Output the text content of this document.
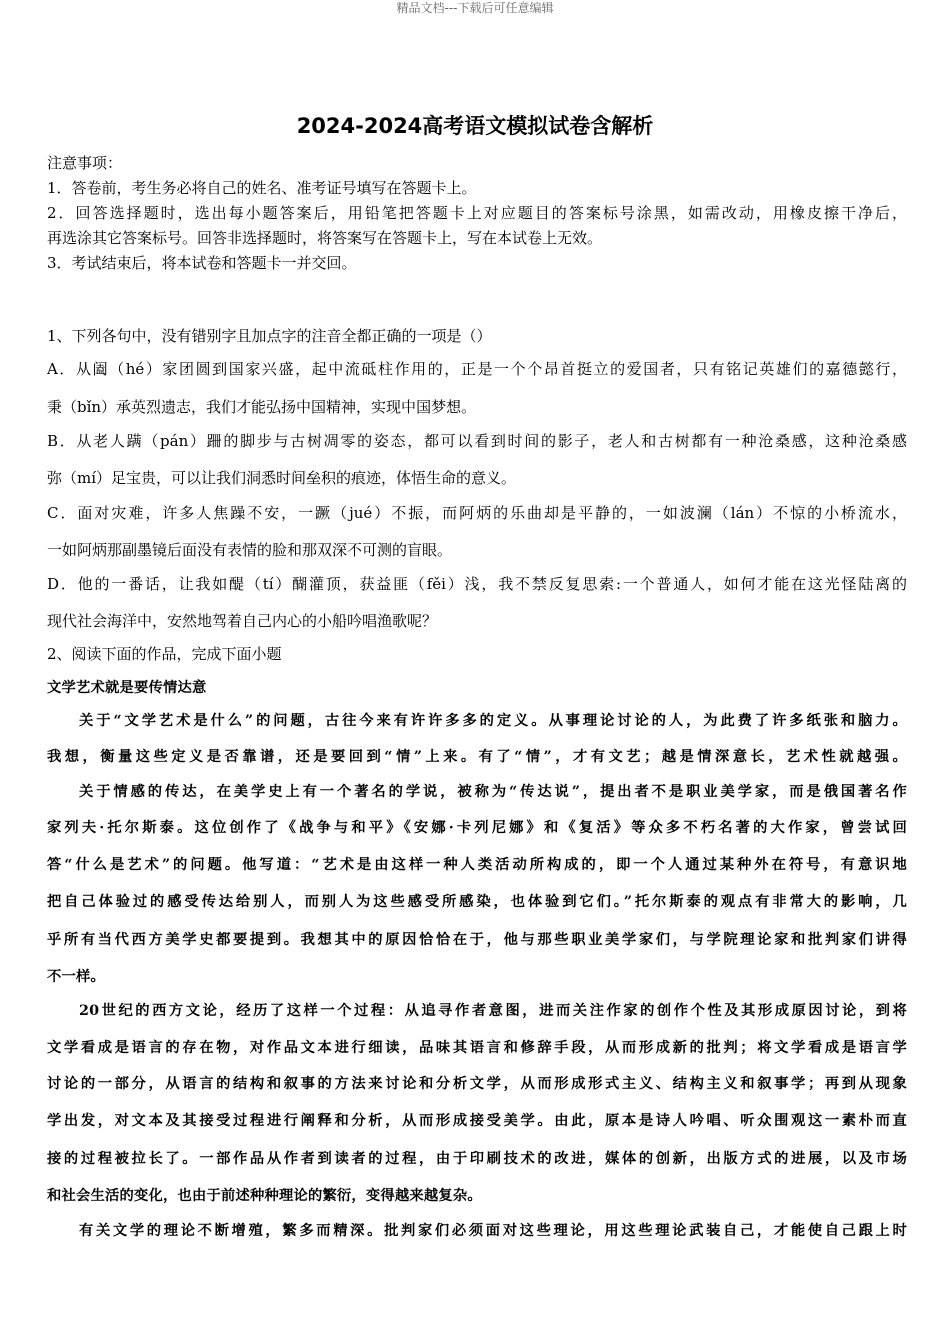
精品文档---下载后可任意编辑
2024-2024高考语文模拟试卷含解析
注意事项：
1．答卷前，考生务必将自己的姓名、准考证号填写在答题卡上。
2．回答选择题时，选出每小题答案后，用铅笔把答题卡上对应题目的答案标号涂黑，如需改动，用橡皮擦干净后，
再选涂其它答案标号。回答非选择题时，将答案写在答题卡上，写在本试卷上无效。
3．考试结束后，将本试卷和答题卡一并交回。
1、下列各句中，没有错别字且加点字的注音全都正确的一项是（）
A．从阖（hé）家团圆到国家兴盛，起中流砥柱作用的，正是一个个昂首挺立的爱国者，只有铭记英雄们的嘉德懿行，
秉（bǐn）承英烈遗志，我们才能弘扬中国精神，实现中国梦想。
B．从老人蹒（pán）跚的脚步与古树凋零的姿态，都可以看到时间的影子，老人和古树都有一种沧桑感，这种沧桑感
弥（mí）足宝贵，可以让我们洞悉时间垒积的痕迹，体悟生命的意义。
C．面对灾难，许多人焦躁不安，一蹶（jué）不振，而阿炳的乐曲却是平静的，一如波澜（lán）不惊的小桥流水，
一如阿炳那副墨镜后面没有表情的脸和那双深不可测的盲眼。
D．他的一番话，让我如醍（tí）醐灌顶，获益匪（fěi）浅，我不禁反复思索:一个普通人，如何才能在这光怪陆离的
现代社会海洋中，安然地驾着自己内心的小船吟唱渔歌呢？
2、阅读下面的作品，完成下面小题
文学艺术就是要传情达意
关于“文学艺术是什么”的问题，古往今来有许许多多的定义。从事理论讨论的人，为此费了许多纸张和脑力。
我想，衡量这些定义是否靠谱，还是要回到“情”上来。有了“情”，才有文艺；越是情深意长，艺术性就越强。
关于情感的传达，在美学史上有一个著名的学说，被称为“传达说”，提出者不是职业美学家，而是俄国著名作
家列夫·托尔斯泰。这位创作了《战争与和平》《安娜·卡列尼娜》和《复活》等众多不朽名著的大作家，曾尝试回
答“什么是艺术”的问题。他写道：“艺术是由这样一种人类活动所构成的，即一个人通过某种外在符号，有意识地
把自己体验过的感受传达给别人，而别人为这些感受所感染，也体验到它们。”托尔斯泰的观点有非常大的影响，几
乎所有当代西方美学史都要提到。我想其中的原因恰恰在于，他与那些职业美学家们，与学院理论家和批判家们讲得
不一样。
20世纪的西方文论，经历了这样一个过程：从追寻作者意图，进而关注作家的创作个性及其形成原因讨论，到将
文学看成是语言的存在物，对作品文本进行细读，品味其语言和修辞手段，从而形成新的批判；将文学看成是语言学
讨论的一部分，从语言的结构和叙事的方法来讨论和分析文学，从而形成形式主义、结构主义和叙事学；再到从现象
学出发，对文本及其接受过程进行阐释和分析，从而形成接受美学。由此，原本是诗人吟唱、听众围观这一素朴而直
接的过程被拉长了。一部作品从作者到读者的过程，由于印刷技术的改进，媒体的创新，出版方式的进展，以及市场
和社会生活的变化，也由于前述种种理论的繁衍，变得越来越复杂。
有关文学的理论不断增殖，繁多而精深。批判家们必须面对这些理论，用这些理论武装自己，才能使自己跟上时
